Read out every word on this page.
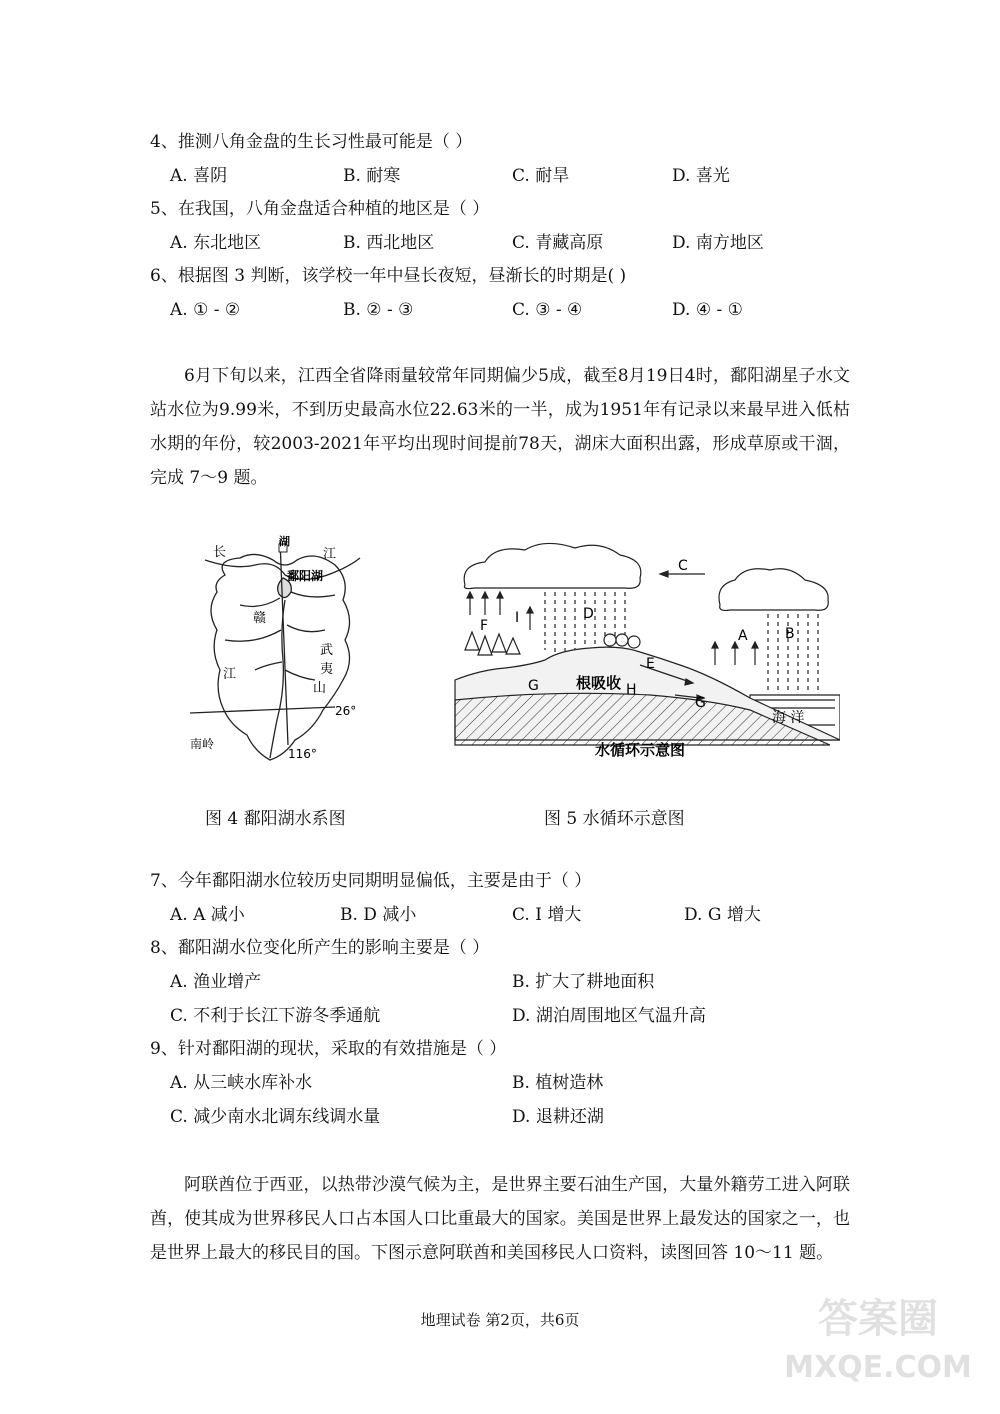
4、推测八角金盘的生长习性最可能是（ ）
A. 喜阴	B. 耐寒	C. 耐旱	D. 喜光
5、在我国，八角金盘适合种植的地区是（ ）
A. 东北地区	B. 西北地区	C. 青藏高原	D. 南方地区
6、根据图 3 判断，该学校一年中昼长夜短，昼渐长的时期是( )
A. ① - ②	B. ② - ③	C. ③ - ④	D. ④ - ①
6月下旬以来，江西全省降雨量较常年同期偏少5成，截至8月19日4时，鄱阳湖星子水文站水位为9.99米，不到历史最高水位22.63米的一半，成为1951年有记录以来最早进入低枯水期的年份，较2003-2021年平均出现时间提前78天，湖床大面积出露，形成草原或干涸，完成 7～9 题。
长
湖
江
鄱阳湖
赣
江
武
夷
山
26°
南岭
116°
C
F I	D
A	B
E
G 根吸收 H
G
海 洋
水循环示意图
图 4 鄱阳湖水系图	图 5 水循环示意图
7、今年鄱阳湖水位较历史同期明显偏低，主要是由于（ ）
A. A 减小	B. D 减小	C. I 增大	D. G 增大
8、鄱阳湖水位变化所产生的影响主要是（ ）
A. 渔业增产	B. 扩大了耕地面积
C. 不利于长江下游冬季通航	D. 湖泊周围地区气温升高
9、针对鄱阳湖的现状，采取的有效措施是（ ）
A. 从三峡水库补水	B. 植树造林
C. 减少南水北调东线调水量	D. 退耕还湖
阿联酋位于西亚，以热带沙漠气候为主，是世界主要石油生产国，大量外籍劳工进入阿联酋，使其成为世界移民人口占本国人口比重最大的国家。美国是世界上最发达的国家之一，也是世界上最大的移民目的国。下图示意阿联酋和美国移民人口资料，读图回答 10～11 题。
地理试卷 第2页，共6页	答案圈
MXQE.COM
